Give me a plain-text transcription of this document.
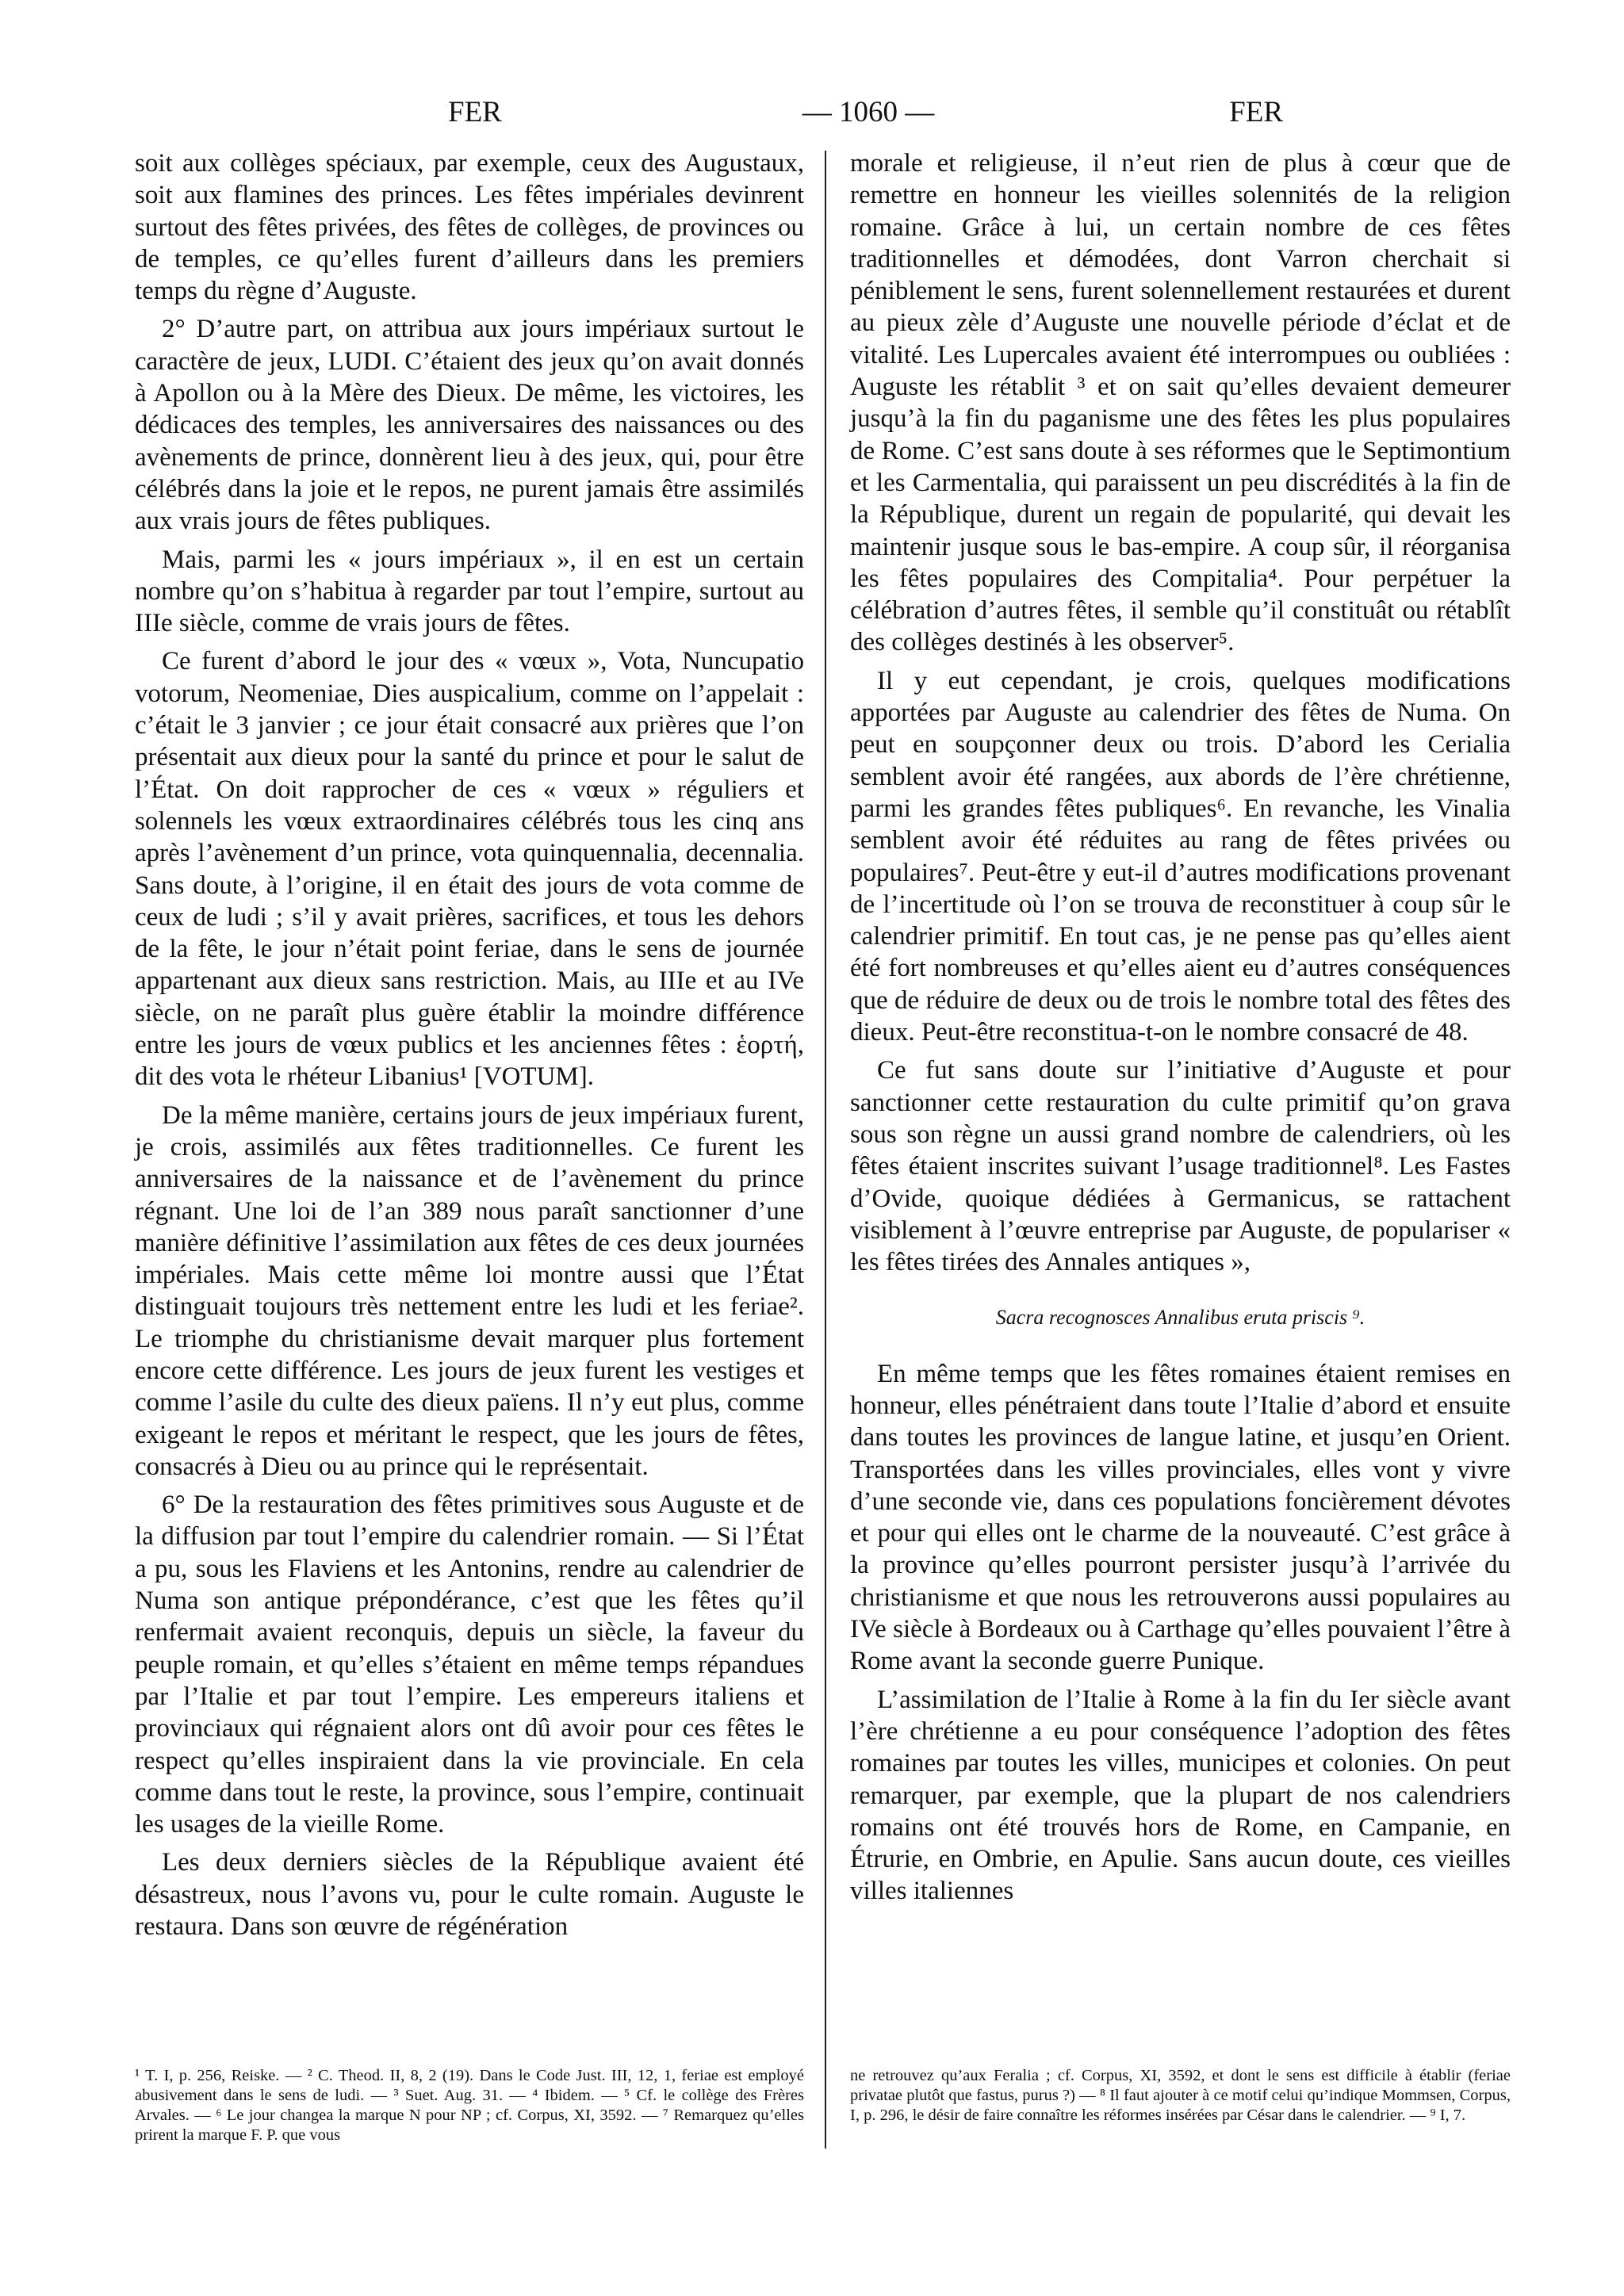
FER	— 1060 —	FER

soit aux collèges spéciaux, par exemple, ceux des Augustaux, soit aux flamines des princes. Les fêtes impériales devinrent surtout des fêtes privées, des fêtes de collèges, de provinces ou de temples, ce qu’elles furent d’ailleurs dans les premiers temps du règne d’Auguste.

2° D’autre part, on attribua aux jours impériaux surtout le caractère de jeux, LUDI. C’étaient des jeux qu’on avait donnés à Apollon ou à la Mère des Dieux. De même, les victoires, les dédicaces des temples, les anniversaires des naissances ou des avènements de prince, donnèrent lieu à des jeux, qui, pour être célébrés dans la joie et le repos, ne purent jamais être assimilés aux vrais jours de fêtes publiques.

Mais, parmi les « jours impériaux », il en est un certain nombre qu’on s’habitua à regarder par tout l’empire, surtout au IIIe siècle, comme de vrais jours de fêtes.

Ce furent d’abord le jour des « vœux », Vota, Nuncupatio votorum, Neomeniae, Dies auspicalium, comme on l’appelait : c’était le 3 janvier ; ce jour était consacré aux prières que l’on présentait aux dieux pour la santé du prince et pour le salut de l’État. On doit rapprocher de ces « vœux » réguliers et solennels les vœux extraordinaires célébrés tous les cinq ans après l’avènement d’un prince, vota quinquennalia, decennalia. Sans doute, à l’origine, il en était des jours de vota comme de ceux de ludi ; s’il y avait prières, sacrifices, et tous les dehors de la fête, le jour n’était point feriae, dans le sens de journée appartenant aux dieux sans restriction. Mais, au IIIe et au IVe siècle, on ne paraît plus guère établir la moindre différence entre les jours de vœux publics et les anciennes fêtes : ἑορτή, dit des vota le rhéteur Libanius¹ [VOTUM].

De la même manière, certains jours de jeux impériaux furent, je crois, assimilés aux fêtes traditionnelles. Ce furent les anniversaires de la naissance et de l’avènement du prince régnant. Une loi de l’an 389 nous paraît sanctionner d’une manière définitive l’assimilation aux fêtes de ces deux journées impériales. Mais cette même loi montre aussi que l’État distinguait toujours très nettement entre les ludi et les feriae². Le triomphe du christianisme devait marquer plus fortement encore cette différence. Les jours de jeux furent les vestiges et comme l’asile du culte des dieux païens. Il n’y eut plus, comme exigeant le repos et méritant le respect, que les jours de fêtes, consacrés à Dieu ou au prince qui le représentait.

6° De la restauration des fêtes primitives sous Auguste et de la diffusion par tout l’empire du calendrier romain. — Si l’État a pu, sous les Flaviens et les Antonins, rendre au calendrier de Numa son antique prépondérance, c’est que les fêtes qu’il renfermait avaient reconquis, depuis un siècle, la faveur du peuple romain, et qu’elles s’étaient en même temps répandues par l’Italie et par tout l’empire. Les empereurs italiens et provinciaux qui régnaient alors ont dû avoir pour ces fêtes le respect qu’elles inspiraient dans la vie provinciale. En cela comme dans tout le reste, la province, sous l’empire, continuait les usages de la vieille Rome.

Les deux derniers siècles de la République avaient été désastreux, nous l’avons vu, pour le culte romain. Auguste le restaura. Dans son œuvre de régénération

morale et religieuse, il n’eut rien de plus à cœur que de remettre en honneur les vieilles solennités de la religion romaine. Grâce à lui, un certain nombre de ces fêtes traditionnelles et démodées, dont Varron cherchait si péniblement le sens, furent solennellement restaurées et durent au pieux zèle d’Auguste une nouvelle période d’éclat et de vitalité. Les Lupercales avaient été interrompues ou oubliées : Auguste les rétablit ³ et on sait qu’elles devaient demeurer jusqu’à la fin du paganisme une des fêtes les plus populaires de Rome. C’est sans doute à ses réformes que le Septimontium et les Carmentalia, qui paraissent un peu discrédités à la fin de la République, durent un regain de popularité, qui devait les maintenir jusque sous le bas-empire. A coup sûr, il réorganisa les fêtes populaires des Compitalia⁴. Pour perpétuer la célébration d’autres fêtes, il semble qu’il constituât ou rétablît des collèges destinés à les observer⁵.

Il y eut cependant, je crois, quelques modifications apportées par Auguste au calendrier des fêtes de Numa. On peut en soupçonner deux ou trois. D’abord les Cerialia semblent avoir été rangées, aux abords de l’ère chrétienne, parmi les grandes fêtes publiques⁶. En revanche, les Vinalia semblent avoir été réduites au rang de fêtes privées ou populaires⁷. Peut-être y eut-il d’autres modifications provenant de l’incertitude où l’on se trouva de reconstituer à coup sûr le calendrier primitif. En tout cas, je ne pense pas qu’elles aient été fort nombreuses et qu’elles aient eu d’autres conséquences que de réduire de deux ou de trois le nombre total des fêtes des dieux. Peut-être reconstitua-t-on le nombre consacré de 48.

Ce fut sans doute sur l’initiative d’Auguste et pour sanctionner cette restauration du culte primitif qu’on grava sous son règne un aussi grand nombre de calendriers, où les fêtes étaient inscrites suivant l’usage traditionnel⁸. Les Fastes d’Ovide, quoique dédiées à Germanicus, se rattachent visiblement à l’œuvre entreprise par Auguste, de populariser « les fêtes tirées des Annales antiques »,

Sacra recognosces Annalibus eruta priscis ⁹.

En même temps que les fêtes romaines étaient remises en honneur, elles pénétraient dans toute l’Italie d’abord et ensuite dans toutes les provinces de langue latine, et jusqu’en Orient. Transportées dans les villes provinciales, elles vont y vivre d’une seconde vie, dans ces populations foncièrement dévotes et pour qui elles ont le charme de la nouveauté. C’est grâce à la province qu’elles pourront persister jusqu’à l’arrivée du christianisme et que nous les retrouverons aussi populaires au IVe siècle à Bordeaux ou à Carthage qu’elles pouvaient l’être à Rome avant la seconde guerre Punique.

L’assimilation de l’Italie à Rome à la fin du Ier siècle avant l’ère chrétienne a eu pour conséquence l’adoption des fêtes romaines par toutes les villes, municipes et colonies. On peut remarquer, par exemple, que la plupart de nos calendriers romains ont été trouvés hors de Rome, en Campanie, en Étrurie, en Ombrie, en Apulie. Sans aucun doute, ces vieilles villes italiennes

¹ T. I, p. 256, Reiske. — ² C. Theod. II, 8, 2 (19). Dans le Code Just. III, 12, 1, feriae est employé abusivement dans le sens de ludi. — ³ Suet. Aug. 31. — ⁴ Ibidem. — ⁵ Cf. le collège des Frères Arvales. — ⁶ Le jour changea la marque N pour NP ; cf. Corpus, XI, 3592. — ⁷ Remarquez qu’elles prirent la marque F. P. que vous
ne retrouvez qu’aux Feralia ; cf. Corpus, XI, 3592, et dont le sens est difficile à établir (feriae privatae plutôt que fastus, purus ?) — ⁸ Il faut ajouter à ce motif celui qu’indique Mommsen, Corpus, I, p. 296, le désir de faire connaître les réformes insérées par César dans le calendrier. — ⁹ I, 7.
